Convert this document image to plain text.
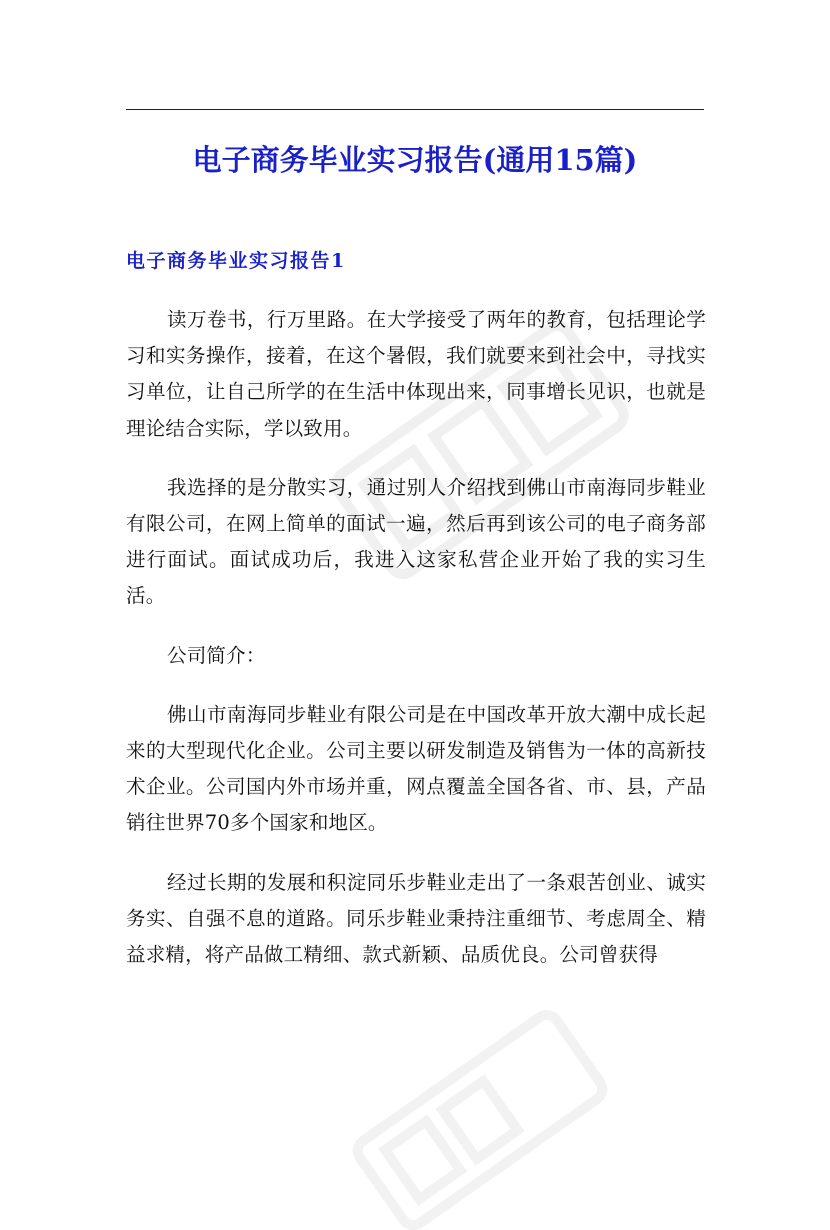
电子商务毕业实习报告(通用15篇)
电子商务毕业实习报告1

读万卷书，行万里路。在大学接受了两年的教育，包括理论学习和实务操作，接着，在这个暑假，我们就要来到社会中，寻找实习单位，让自己所学的在生活中体现出来，同事增长见识，也就是理论结合实际，学以致用。

我选择的是分散实习，通过别人介绍找到佛山市南海同步鞋业有限公司，在网上简单的面试一遍，然后再到该公司的电子商务部进行面试。面试成功后，我进入这家私营企业开始了我的实习生活。

公司简介：

佛山市南海同步鞋业有限公司是在中国改革开放大潮中成长起来的大型现代化企业。公司主要以研发制造及销售为一体的高新技术企业。公司国内外市场并重，网点覆盖全国各省、市、县，产品销往世界70多个国家和地区。

经过长期的发展和积淀同乐步鞋业走出了一条艰苦创业、诚实务实、自强不息的道路。同乐步鞋业秉持注重细节、考虑周全、精益求精，将产品做工精细、款式新颖、品质优良。公司曾获得
